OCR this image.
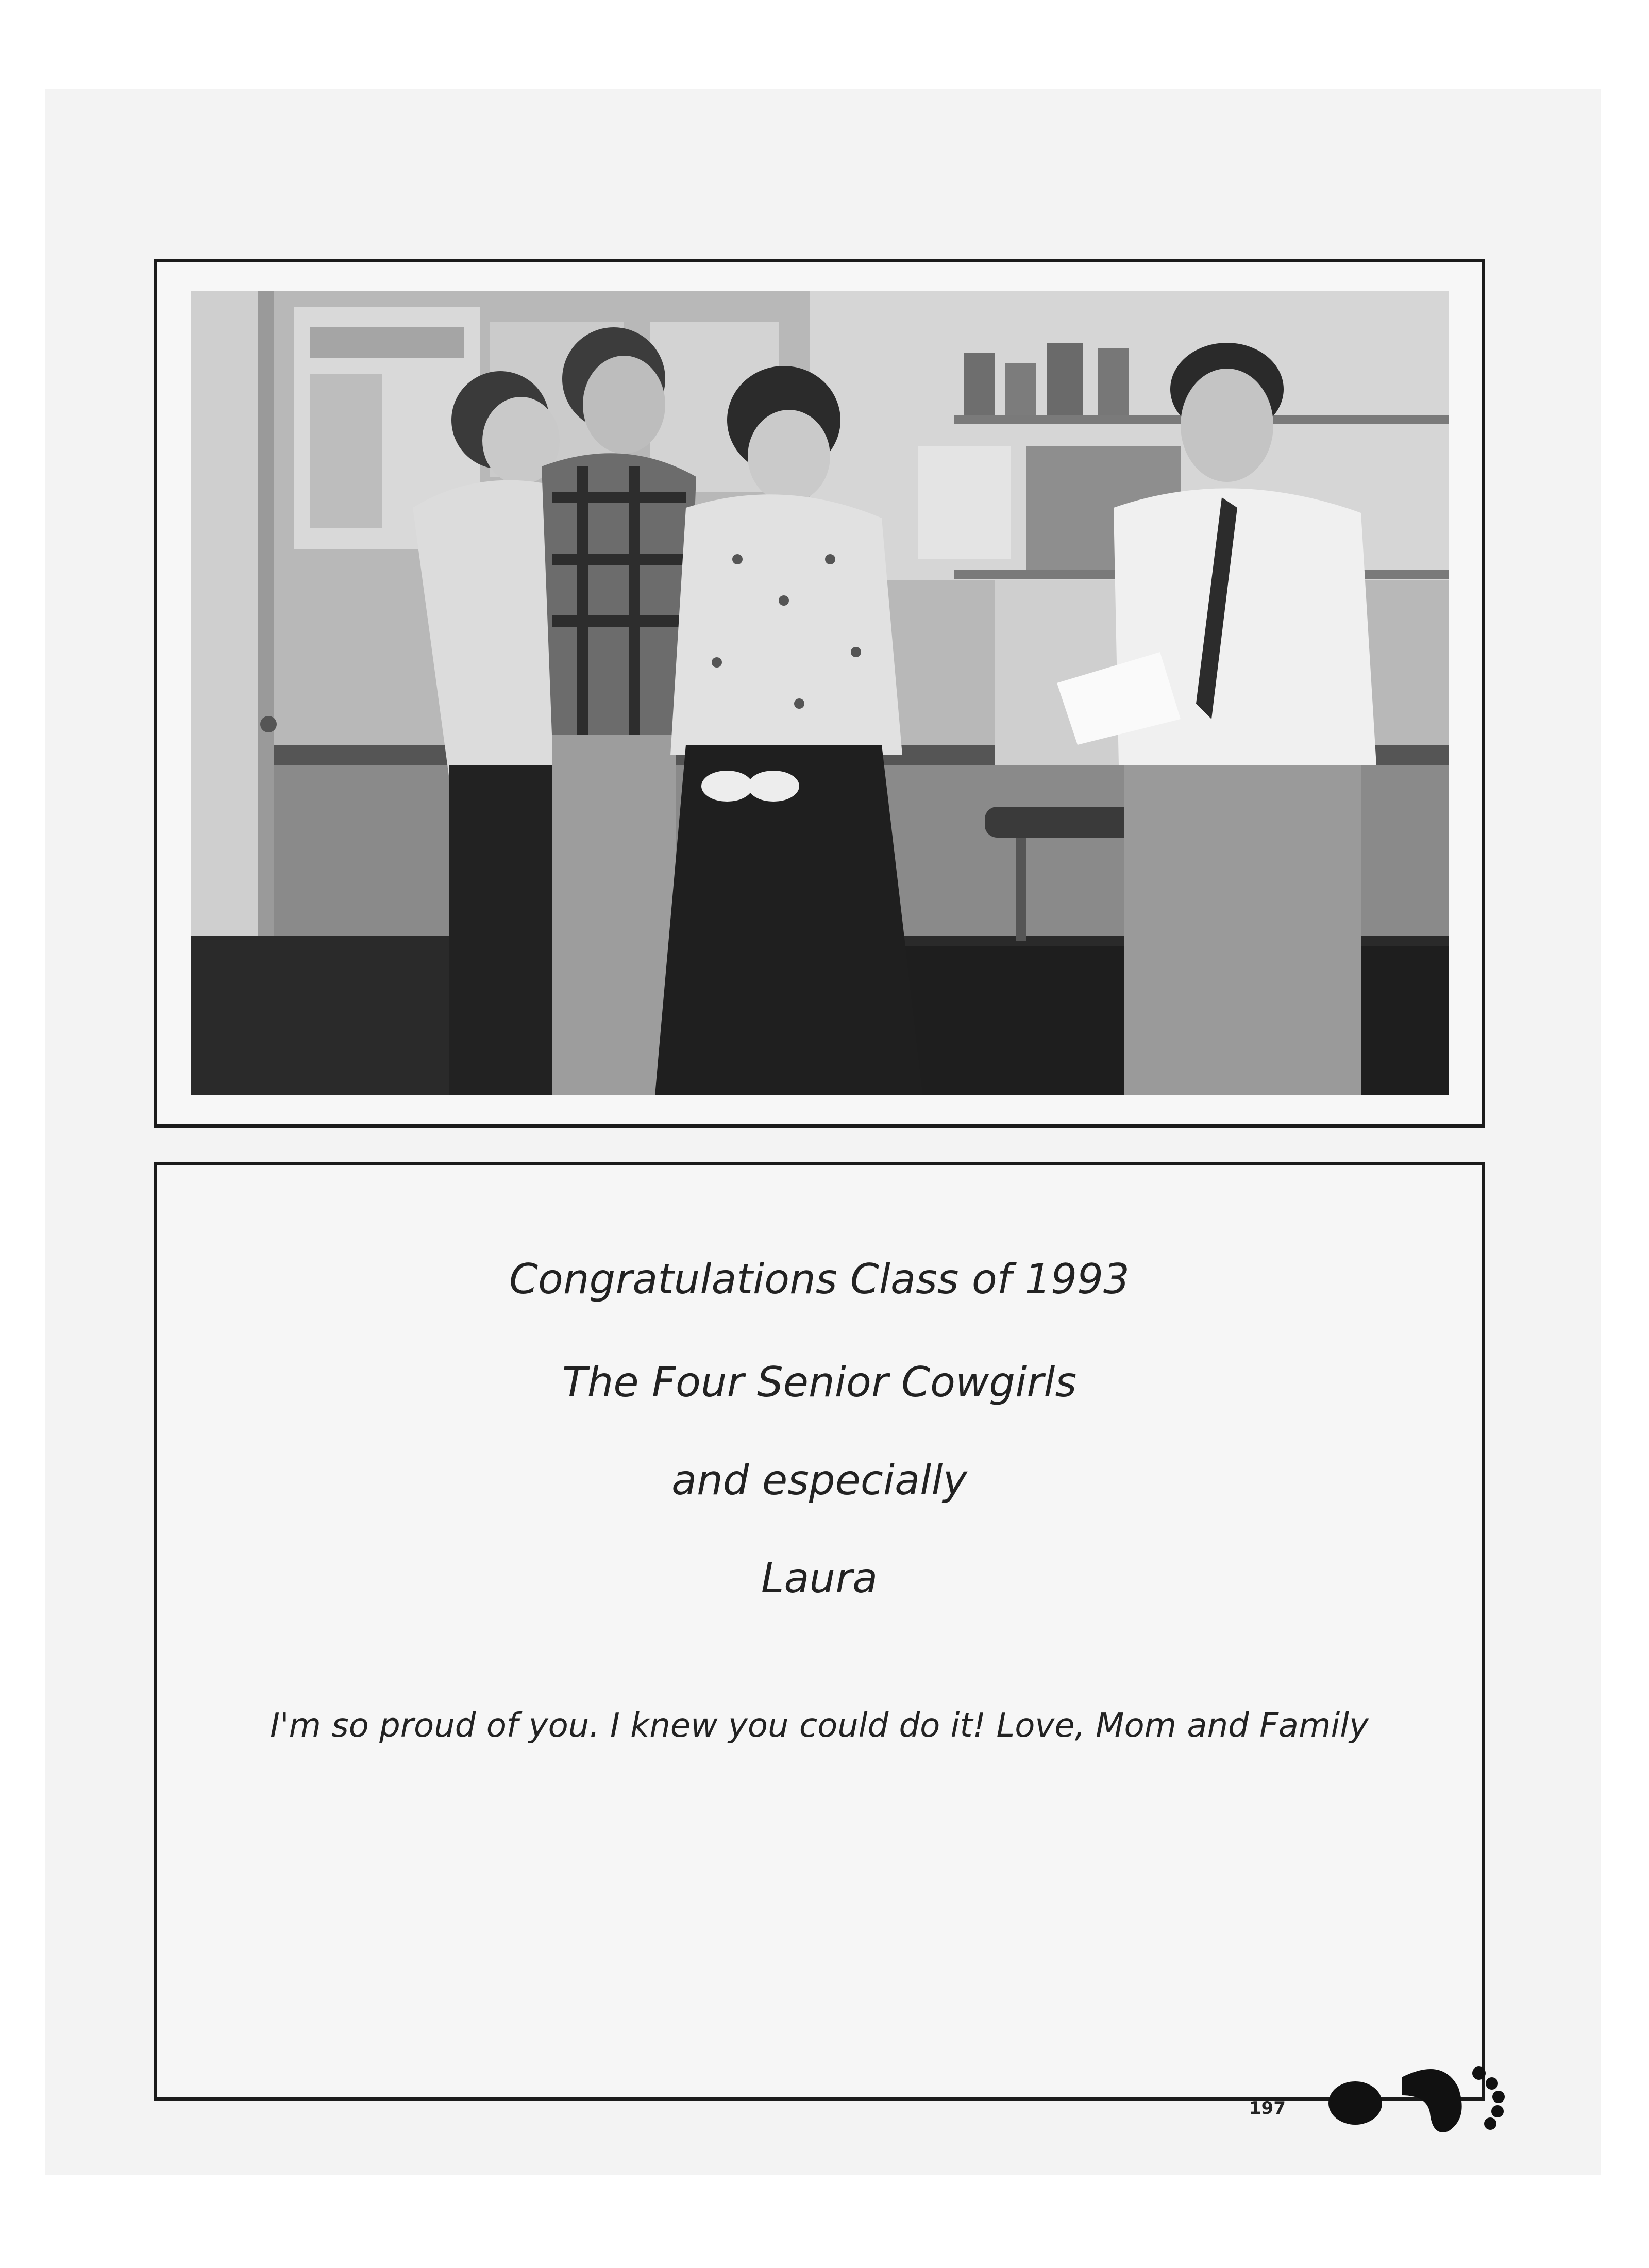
Congratulations Class of 1993
The Four Senior Cowgirls
and especially
Laura
I'm so proud of you. I knew you could do it! Love, Mom and Family
197
